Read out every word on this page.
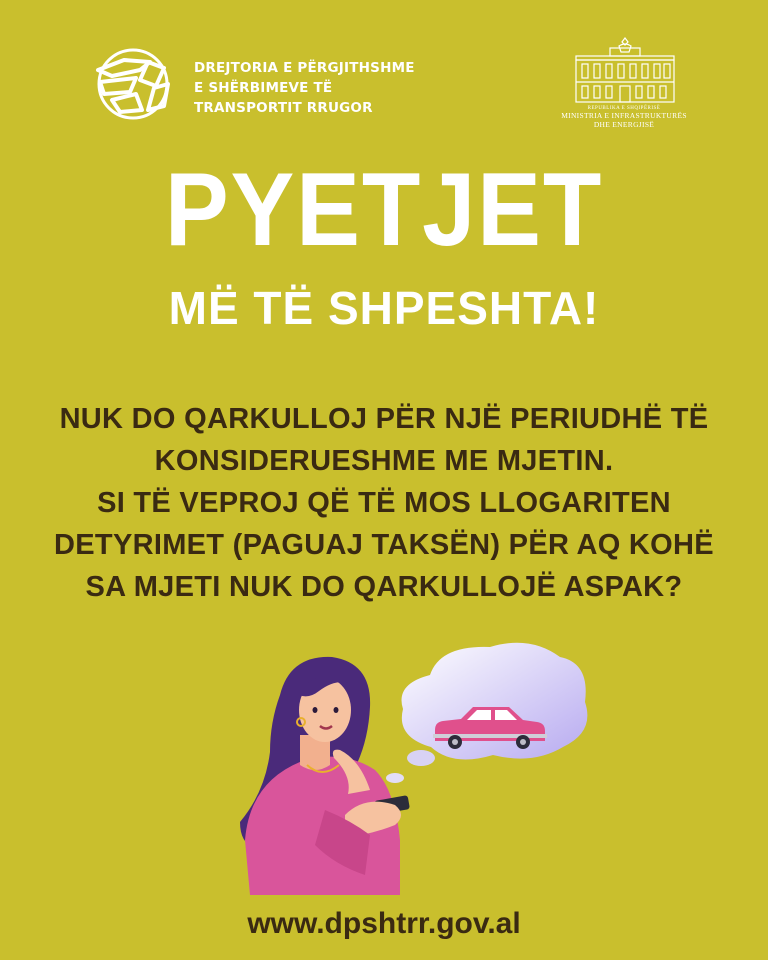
DREJTORIA E PËRGJITHSHME
E SHËRBIMEVE TË
TRANSPORTIT RRUGOR	REPUBLIKA E SHQIPËRISË
MINISTRIA E INFRASTRUKTURËS
DHE ENERGJISË
PYETJET
MË TË SHPESHTA!
NUK DO QARKULLOJ PËR NJË PERIUDHË TË
KONSIDERUESHME ME MJETIN.
SI TË VEPROJ QË TË MOS LLOGARITEN
DETYRIMET (PAGUAJ TAKSËN) PËR AQ KOHË
SA MJETI NUK DO QARKULLOJË ASPAK?
www.dpshtrr.gov.al
